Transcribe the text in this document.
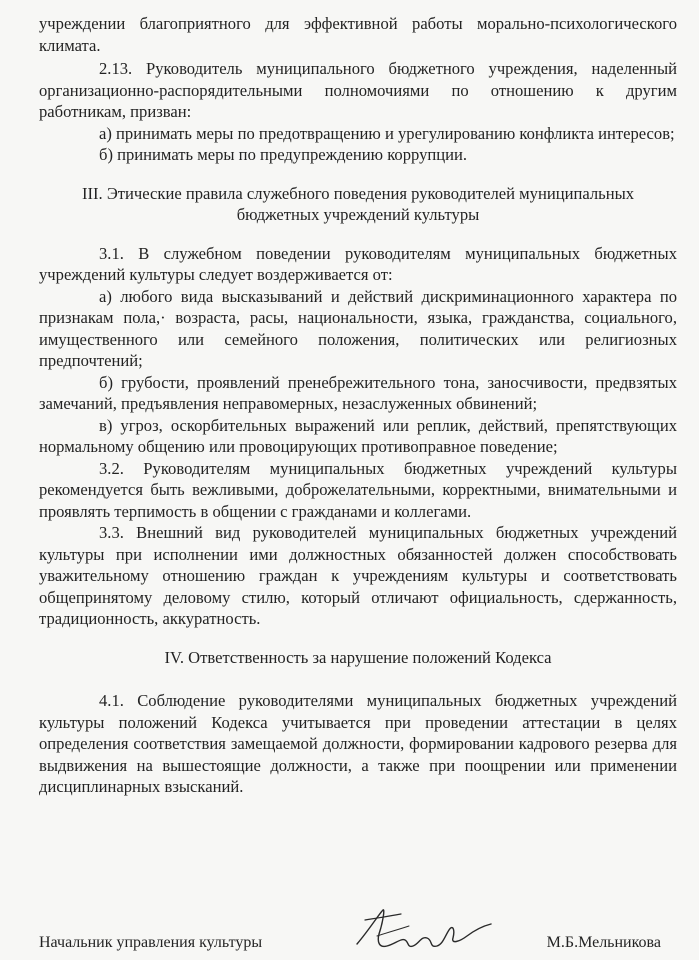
учреждении благоприятного для эффективной работы морально-психологического климата.

2.13. Руководитель муниципального бюджетного учреждения, наделенный организационно-распорядительными полномочиями по отношению к другим работникам, призван:

а) принимать меры по предотвращению и урегулированию конфликта интересов;

б) принимать меры по предупреждению коррупции.

III. Этические правила служебного поведения руководителей муниципальных
бюджетных учреждений культуры

3.1. В служебном поведении руководителям муниципальных бюджетных учреждений культуры следует воздерживается от:

а) любого вида высказываний и действий дискриминационного характера по признакам пола,· возраста, расы, национальности, языка, гражданства, социального, имущественного или семейного положения, политических или религиозных предпочтений;

б) грубости, проявлений пренебрежительного тона, заносчивости, предвзятых замечаний, предъявления неправомерных, незаслуженных обвинений;

в) угроз, оскорбительных выражений или реплик, действий, препятствующих нормальному общению или провоцирующих противоправное поведение;

3.2. Руководителям муниципальных бюджетных учреждений культуры рекомендуется быть вежливыми, доброжелательными, корректными, внимательными и проявлять терпимость в общении с гражданами и коллегами.

3.3. Внешний вид руководителей муниципальных бюджетных учреждений культуры при исполнении ими должностных обязанностей должен способствовать уважительному отношению граждан к учреждениям культуры и соответствовать общепринятому деловому стилю, который отличают официальность, сдержанность, традиционность, аккуратность.

IV. Ответственность за нарушение положений Кодекса

4.1. Соблюдение руководителями муниципальных бюджетных учреждений культуры положений Кодекса учитывается при проведении аттестации в целях определения соответствия замещаемой должности, формировании кадрового резерва для выдвижения на вышестоящие должности, а также при поощрении или применении дисциплинарных взысканий.

Начальник управления культуры	М.Б.Мельникова
